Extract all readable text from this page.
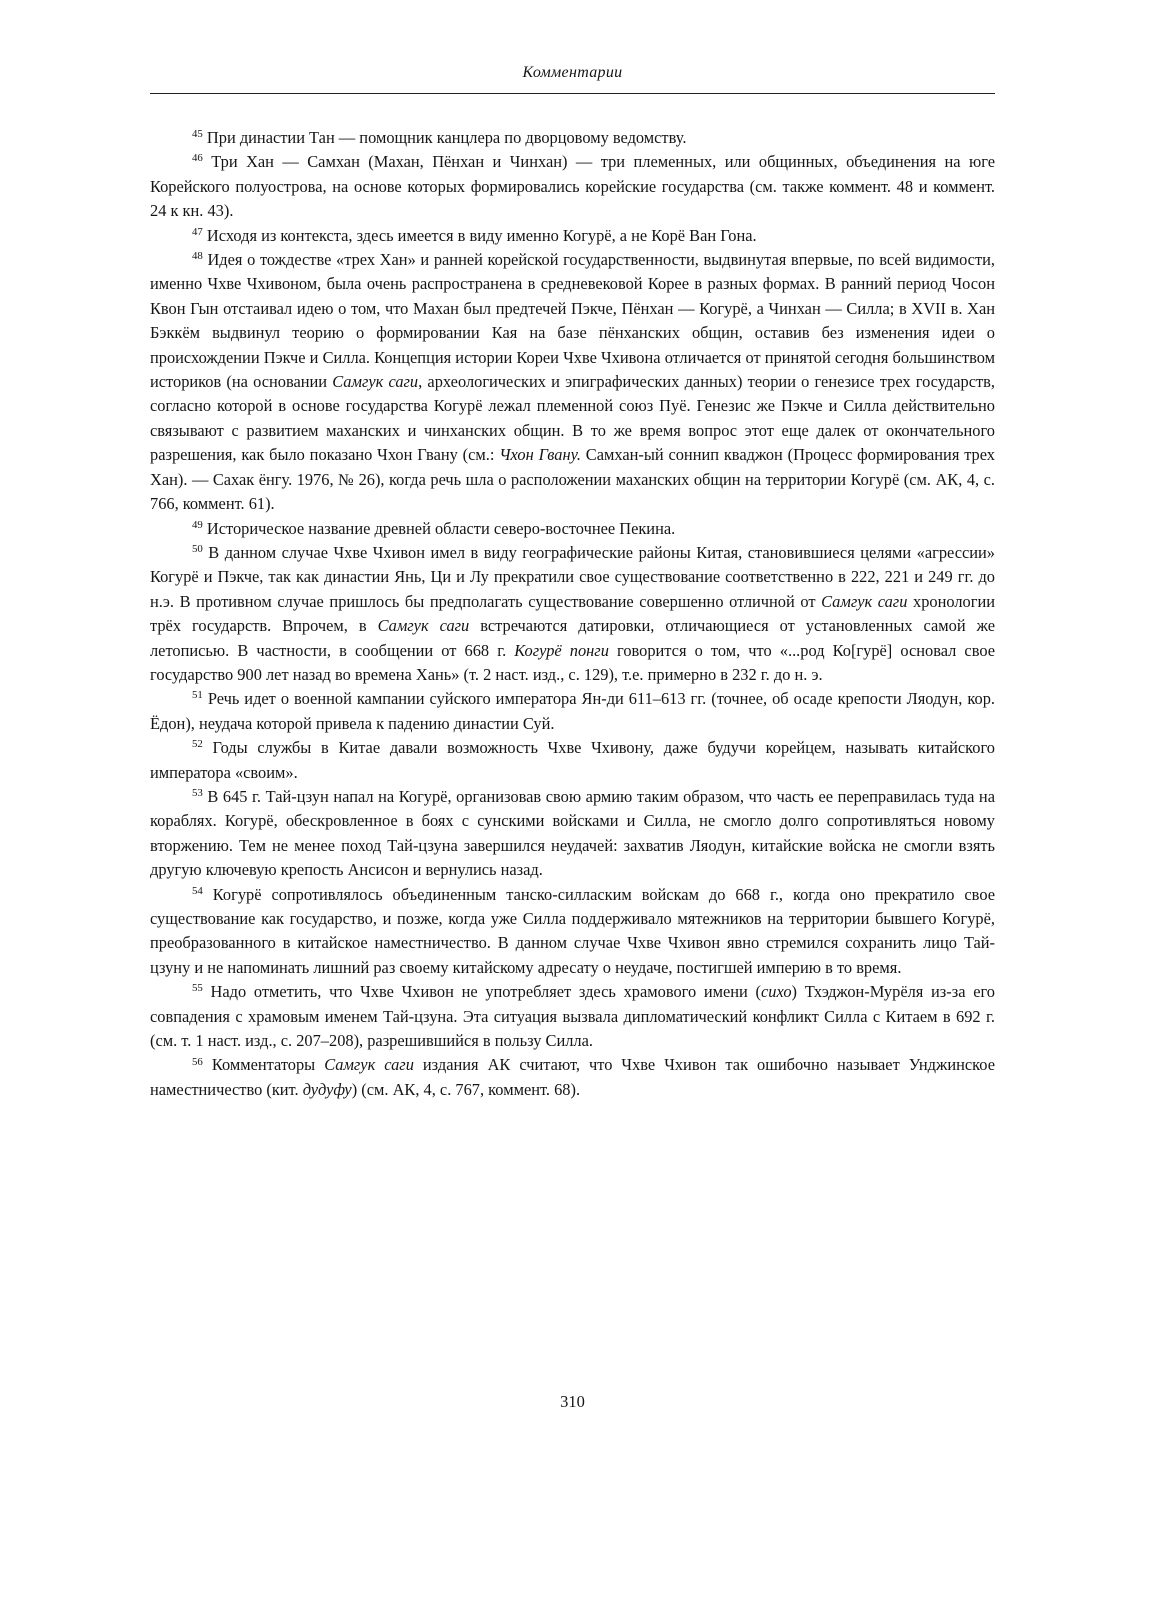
Комментарии

$^{45}$ При династии Тан — помощник канцлера по дворцовому ведомству.

$^{46}$ Три Хан — Самхан (Махан, Пёнхан и Чинхан) — три племенных, или общинных, объединения на юге Корейского полуострова, на основе которых формировались корейские государства (см. также коммент. 48 и коммент. 24 к кн. 43).

$^{47}$ Исходя из контекста, здесь имеется в виду именно Когурё, а не Корё Ван Гона.

$^{48}$ Идея о тождестве «трех Хан» и ранней корейской государственности, выдвинутая впервые, по всей видимости, именно Чхве Чхивоном, была очень распространена в средневековой Корее в разных формах. В ранний период Чосон Квон Гын отстаивал идею о том, что Махан был предтечей Пэкче, Пёнхан — Когурё, а Чинхан — Силла; в XVII в. Хан Бэккём выдвинул теорию о формировании Кая на базе пёнханских общин, оставив без изменения идеи о происхождении Пэкче и Силла. Концепция истории Кореи Чхве Чхивона отличается от принятой сегодня большинством историков (на основании Самгук саги, археологических и эпиграфических данных) теории о генезисе трех государств, согласно которой в основе государства Когурё лежал племенной союз Пуё. Генезис же Пэкче и Силла действительно связывают с развитием маханских и чинханских общин. В то же время вопрос этот еще далек от окончательного разрешения, как было показано Чхон Гвану (см.: Чхон Гвану. Самхан-ый соннип кваджон (Процесс формирования трех Хан). — Сахак ёнгу. 1976, № 26), когда речь шла о расположении маханских общин на территории Когурё (см. АК, 4, с. 766, коммент. 61).

$^{49}$ Историческое название древней области северо-восточнее Пекина.

$^{50}$ В данном случае Чхве Чхивон имел в виду географические районы Китая, становившиеся целями «агрессии» Когурё и Пэкче, так как династии Янь, Ци и Лу прекратили свое существование соответственно в 222, 221 и 249 гг. до н.э. В противном случае пришлось бы предполагать существование совершенно отличной от Самгук саги хронологии трёх государств. Впрочем, в Самгук саги встречаются датировки, отличающиеся от установленных самой же летописью. В частности, в сообщении от 668 г. Когурё понги говорится о том, что «...род Ко[гурё] основал свое государство 900 лет назад во времена Хань» (т. 2 наст. изд., с. 129), т.е. примерно в 232 г. до н. э.

$^{51}$ Речь идет о военной кампании суйского императора Ян-ди 611–613 гг. (точнее, об осаде крепости Ляодун, кор. Ёдон), неудача которой привела к падению династии Суй.

$^{52}$ Годы службы в Китае давали возможность Чхве Чхивону, даже будучи корейцем, называть китайского императора «своим».

$^{53}$ В 645 г. Тай-цзун напал на Когурё, организовав свою армию таким образом, что часть ее переправилась туда на кораблях. Когурё, обескровленное в боях с сунскими войсками и Силла, не смогло долго сопротивляться новому вторжению. Тем не менее поход Тай-цзуна завершился неудачей: захватив Ляодун, китайские войска не смогли взять другую ключевую крепость Ансисон и вернулись назад.

$^{54}$ Когурё сопротивлялось объединенным танско-силласким войскам до 668 г., когда оно прекратило свое существование как государство, и позже, когда уже Силла поддерживало мятежников на территории бывшего Когурё, преобразованного в китайское наместничество. В данном случае Чхве Чхивон явно стремился сохранить лицо Тай-цзуну и не напоминать лишний раз своему китайскому адресату о неудаче, постигшей империю в то время.

$^{55}$ Надо отметить, что Чхве Чхивон не употребляет здесь храмового имени (сихо) Тхэджон-Мурёля из-за его совпадения с храмовым именем Тай-цзуна. Эта ситуация вызвала дипломатический конфликт Силла с Китаем в 692 г. (см. т. 1 наст. изд., с. 207–208), разрешившийся в пользу Силла.

$^{56}$ Комментаторы Самгук саги издания АК считают, что Чхве Чхивон так ошибочно называет Унджинское наместничество (кит. дудуфу) (см. АК, 4, с. 767, коммент. 68).

310
